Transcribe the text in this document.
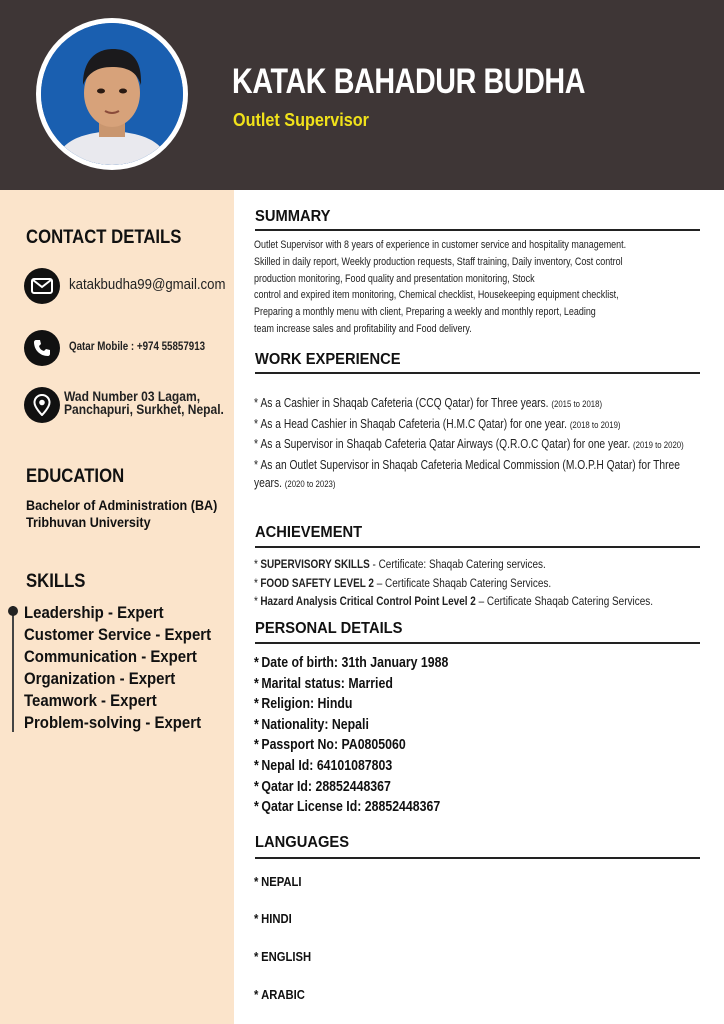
KATAK BAHADUR BUDHA
Outlet Supervisor
CONTACT DETAILS
katakbudha99@gmail.com
Qatar Mobile : +974 55857913
Wad Number 03 Lagam,
Panchapuri, Surkhet, Nepal.
EDUCATION
Bachelor of Administration (BA)
Tribhuvan University
SKILLS
Leadership - Expert
Customer Service - Expert
Communication - Expert
Organization - Expert
Teamwork - Expert
Problem-solving - Expert
SUMMARY

Outlet Supervisor with 8 years of experience in customer service and hospitality management.

Skilled in daily report, Weekly production requests, Staff training, Daily inventory, Cost control

production monitoring, Food quality and presentation monitoring, Stock

control and expired item monitoring, Chemical checklist, Housekeeping equipment checklist,

Preparing a monthly menu with client, Preparing a weekly and monthly report, Leading

team increase sales and profitability and Food delivery.

WORK EXPERIENCE
* As a Cashier in Shaqab Cafeteria (CCQ Qatar) for Three years. (2015 to 2018)
* As a Head Cashier in Shaqab Cafeteria (H.M.C Qatar) for one year. (2018 to 2019)
* As a Supervisor in Shaqab Cafeteria Qatar Airways (Q.R.O.C Qatar) for one year. (2019 to 2020)
* As an Outlet Supervisor in Shaqab Cafeteria Medical Commission (M.O.P.H Qatar) for Three years. (2020 to 2023)
ACHIEVEMENT
* SUPERVISORY SKILLS - Certificate: Shaqab Catering services.
* FOOD SAFETY LEVEL 2 – Certificate Shaqab Catering Services.
* Hazard Analysis Critical Control Point Level 2 – Certificate Shaqab Catering Services.
PERSONAL DETAILS
* Date of birth: 31th January 1988
* Marital status: Married
* Religion: Hindu
* Nationality: Nepali
* Passport No: PA0805060
* Nepal Id: 64101087803
* Qatar Id: 28852448367
* Qatar License Id: 28852448367
LANGUAGES
* NEPALI
* HINDI
* ENGLISH
* ARABIC
